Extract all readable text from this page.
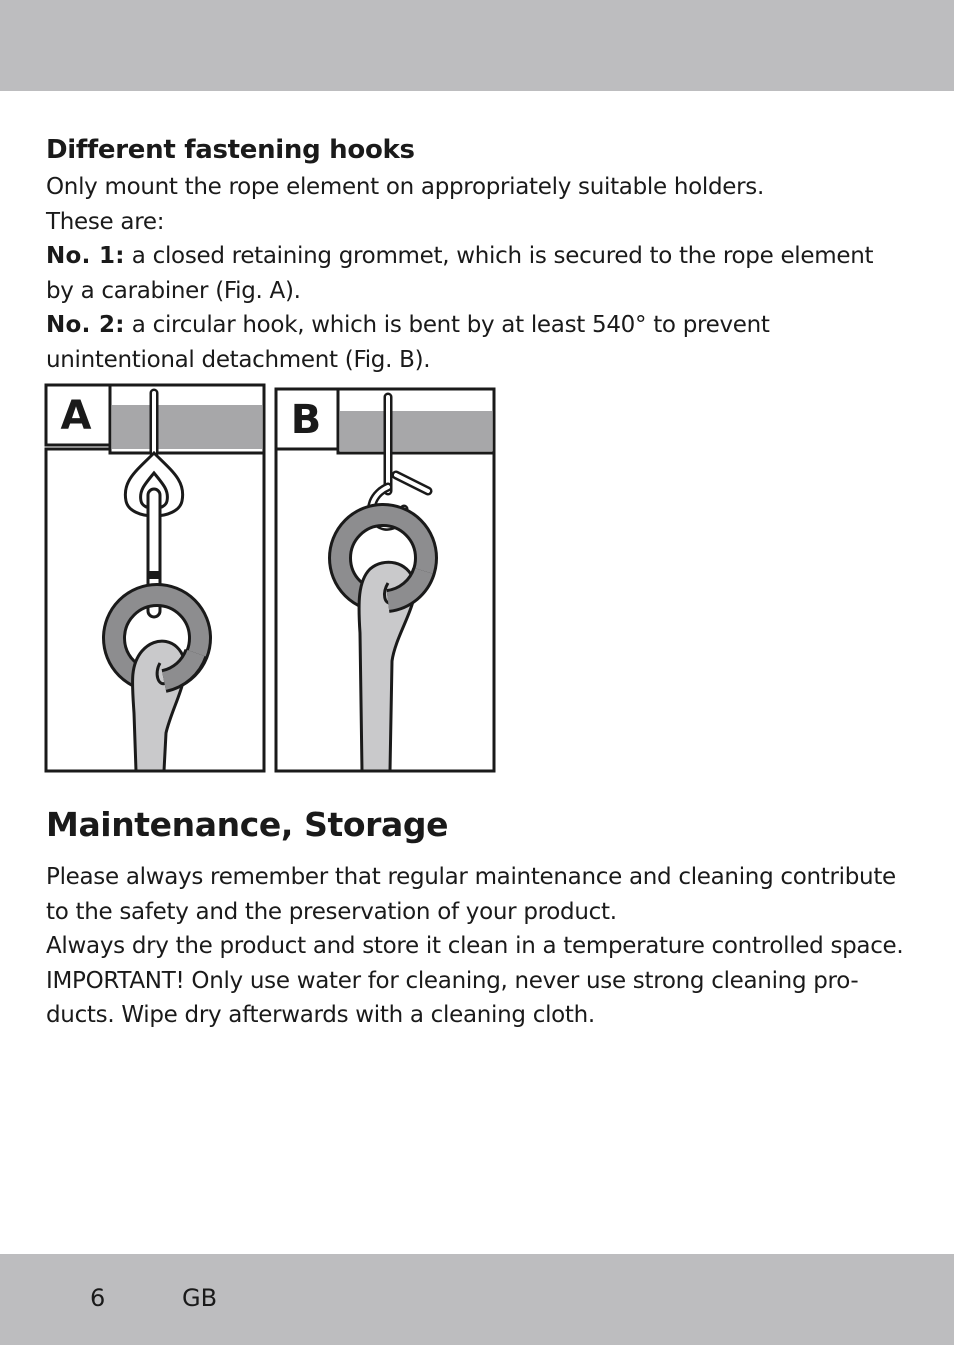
Different fastening hooks

Only mount the rope element on appropriately suitable holders.

These are:

No. 1: a closed retaining grommet, which is secured to the rope element by a carabiner (Fig. A).

No. 2: a circular hook, which is bent by at least 540° to prevent unintentional detachment (Fig. B).

A	B
Maintenance, Storage

Please always remember that regular maintenance and cleaning contribute to the safety and the preservation of your product.

Always dry the product and store it clean in a temperature controlled space.

IMPORTANT! Only use water for cleaning, never use strong cleaning pro-ducts. Wipe dry afterwards with a cleaning cloth.

6	GB
